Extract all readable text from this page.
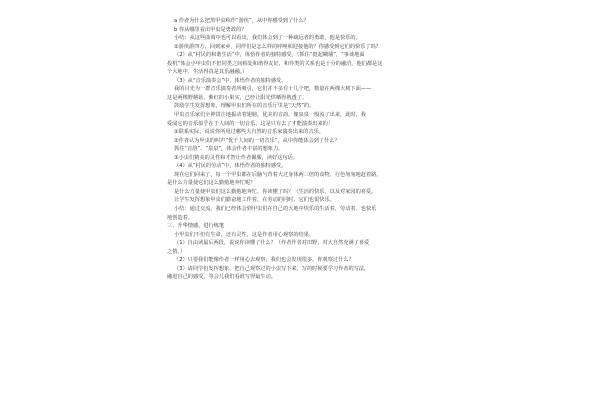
a 作者为什么把黑甲虫称作“游侠”，从中你感受到了什么？
b 你从哪里看出甲虫是勇敢的？
小结：从这些曲调中也可以看出，我们体会到了一种疏远者的勇敢，他是快乐的。
②游侠游四方，回到家乡，同伴们是怎么样的呼唤和迎接他的？你感受到它们的快乐了吗？
（2）从“村民的和谐生活”中，体悟作者的独特感受。（抓住“挺起糊墙”，“事谈地面
投机”体会小甲虫们不但同类之间相处和谐得友好，和异类的关系也是十分的融洽，他们都是这
个大地中，生活得真是其乐融融。）
（3）从“音乐演奏会”中，体悟作者的独特感受。
我的目光为一群音乐演奏者所吸引，它们并不多有十几个吧，数量在两棵大树下面——
这是两棵野蘑菇，紫红的小果实，已经让阳光烘晒得熟透了。
鼓励学生发挥想象，理解甲虫们所在的音乐厅里是“天然”的。
甲虫音乐家们全神贯注地振动着翅膀，优美的音韵，像泉泉一般流了出来，此时，我
爱闻它的音乐似乎在于人间的一切音乐，这是只有去了才能演奏出来的！
①联系实际，说说你所用过哪些大自然的音乐家演奏出来的音乐。
②作者认为甲虫的叫声“优于人间的一切音乐”，从中你能体会到了什么？
抓住“音韵”、“泉泉”，体会作者丰富的想象力。
③小虫们精美的灵性和才智让作者佩服，读好这句话。
（4）从“村民的劳动”中，体悟作者的独特感受。
现在它们回来了，每一个甲虫都在后脑勺背着大过身体两三倍的食物，行色匆匆地赶着路，
是什么力量使它们这么勤勉地奔忙呢？
是什么力量使甲虫们这么勤勉地奔忙，你读懂了吗？（生活的快乐，以及对家园的喜爱。
让学生发挥想象甲虫们勤奋地工作着，在劳动的同时，它们也很快乐。
小结：通过交流，我们已经体会到甲虫们在自己的大地中快乐的生活着，劳动着，也快乐
地创造着。
三、升华情感，进行练笔
小甲虫们不但有生命，还有灵性，这是作者用心观察的结果。
（1）自由读最后两段，说说你读懂了什么？（作者作者对田野，对大自然充满了喜爱
之情。）
（2）只要我们能像作者一样用心去观察，我们也会发现很多。你观察过什么？
（3）请同学们发挥想象，把自己观察过的小虫写下来，写的时候要学习作者的写法，
融进自己的感受，等会儿我们看谁写得最生动。
